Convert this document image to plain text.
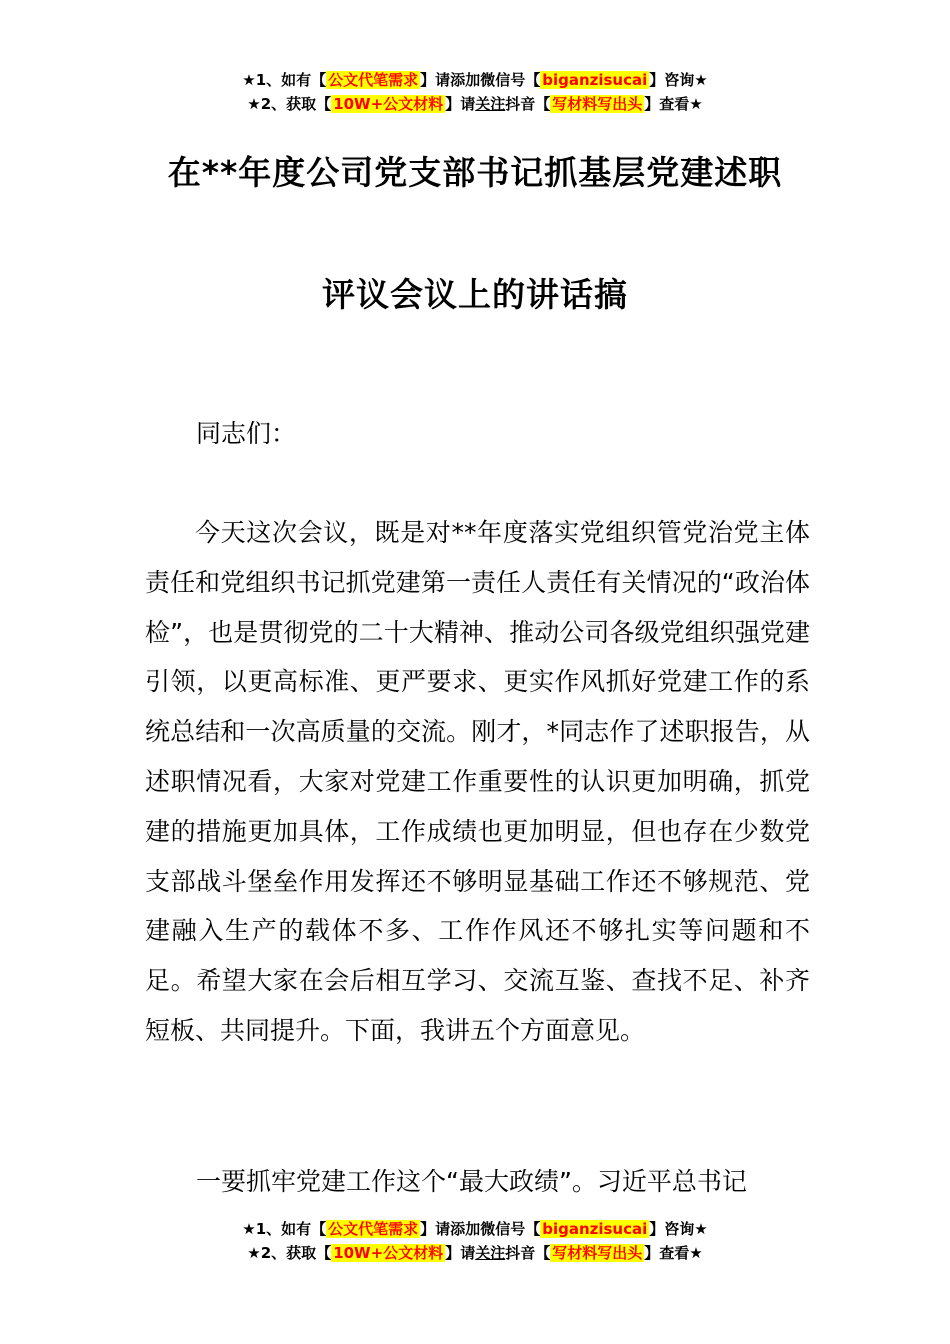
★1、如有【 公文代笔需求 】请添加微信号【 biganzisucai 】咨询★
★2、获取【 10W+公文材料 】请关注抖音【 写材料写出头 】查看★
在**年度公司党支部书记抓基层党建述职
评议会议上的讲话搞
同志们：

今天这次会议，既是对**年度落实党组织管党治党主体责任和党组织书记抓党建第一责任人责任有关情况的“政治体检”，也是贯彻党的二十大精神、推动公司各级党组织强党建引领，以更高标准、更严要求、更实作风抓好党建工作的系统总结和一次高质量的交流。刚才，*同志作了述职报告，从述职情况看，大家对党建工作重要性的认识更加明确，抓党建的措施更加具体，工作成绩也更加明显，但也存在少数党支部战斗堡垒作用发挥还不够明显基础工作还不够规范、党建融入生产的载体不多、工作作风还不够扎实等问题和不足。希望大家在会后相互学习、交流互鉴、查找不足、补齐短板、共同提升。下面，我讲五个方面意见。

一要抓牢党建工作这个“最大政绩”。习近平总书记

★1、如有【 公文代笔需求 】请添加微信号【 biganzisucai 】咨询★
★2、获取【 10W+公文材料 】请关注抖音【 写材料写出头 】查看★
